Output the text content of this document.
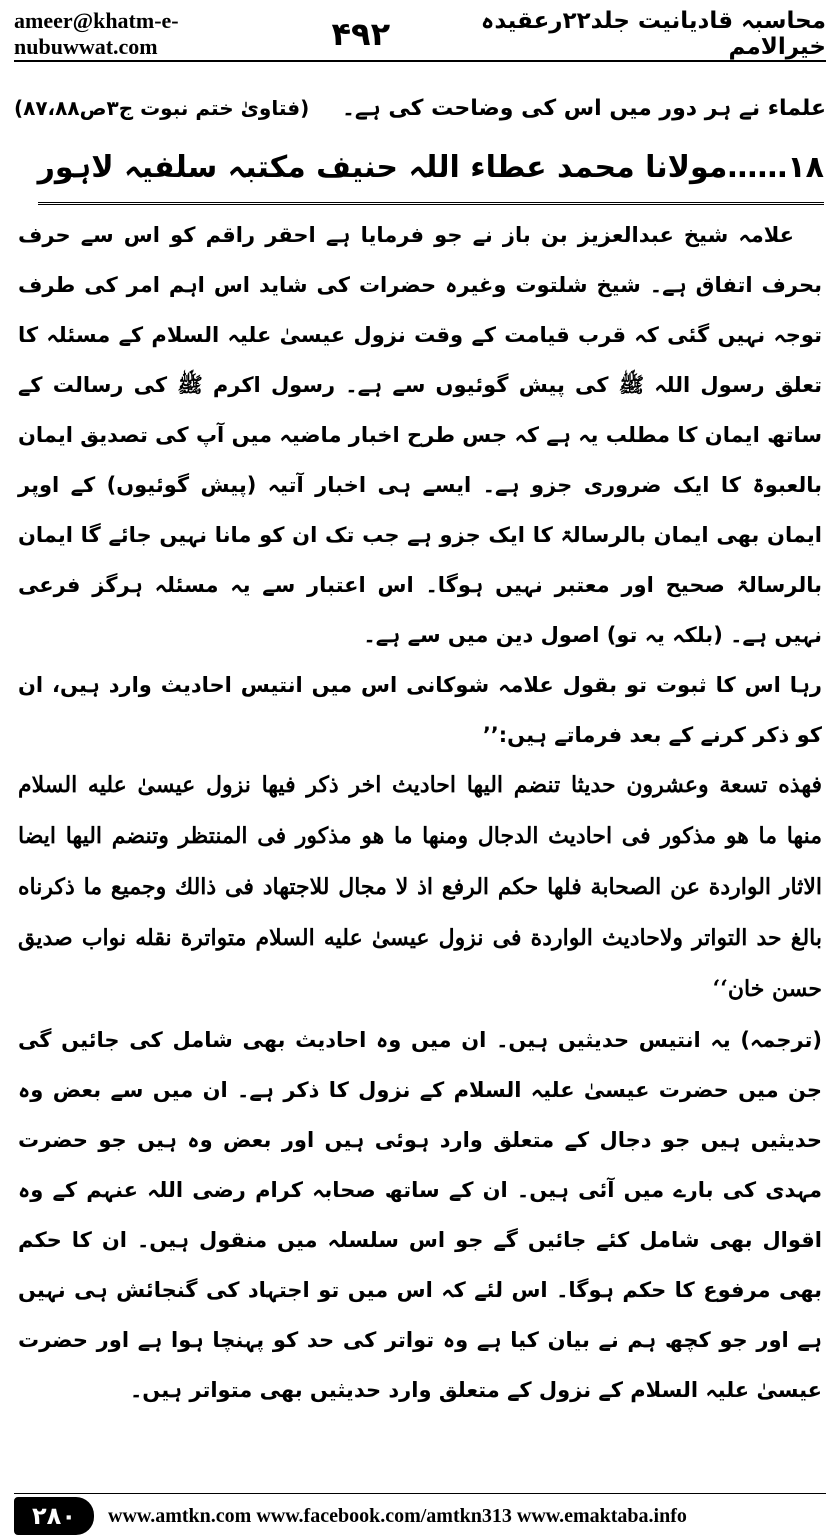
ameer@khatm-e-nubuwwat.com	۴۹۲	محاسبہ قادیانیت جلد۲۲رعقیدہ خیرالامم
علماء نے ہر دور میں اس کی وضاحت کی ہے۔
(فتاویٰ ختم نبوت ج۳ص۸۷،۸۸)
۱۸……مولانا محمد عطاء اللہ حنیف مکتبہ سلفیہ لاہور

علامہ شیخ عبدالعزیز بن باز نے جو فرمایا ہے احقر راقم کو اس سے حرف بحرف اتفاق ہے۔ شیخ شلتوت وغیرہ حضرات کی شاید اس اہم امر کی طرف توجہ نہیں گئی کہ قرب قیامت کے وقت نزول عیسیٰ علیہ السلام کے مسئلہ کا تعلق رسول اللہ ﷺ کی پیش گوئیوں سے ہے۔ رسول اکرم ﷺ کی رسالت کے ساتھ ایمان کا مطلب یہ ہے کہ جس طرح اخبار ماضیہ میں آپ کی تصدیق ایمان بالعبوۃ کا ایک ضروری جزو ہے۔ ایسے ہی اخبار آتیہ (پیش گوئیوں) کے اوپر ایمان بھی ایمان بالرسالۃ کا ایک جزو ہے جب تک ان کو مانا نہیں جائے گا ایمان بالرسالۃ صحیح اور معتبر نہیں ہوگا۔ اس اعتبار سے یہ مسئلہ ہرگز فرعی نہیں ہے۔ (بلکہ یہ تو) اصول دین میں سے ہے۔

رہا اس کا ثبوت تو بقول علامہ شوکانی اس میں انتیس احادیث وارد ہیں، ان کو ذکر کرنے کے بعد فرماتے ہیں:’’

فهذه تسعة وعشرون حديثا تنضم اليها احاديث اخر ذكر فيها نزول عيسىٰ عليه السلام منها ما هو مذكور فى احاديث الدجال ومنها ما هو مذكور فى المنتظر وتنضم اليها ايضا الاثار الواردة عن الصحابة فلها حكم الرفع اذ لا مجال للاجتهاد فى ذالك وجميع ما ذكرناه بالغ حد التواتر ولاحاديث الواردة فى نزول عيسىٰ عليه السلام متواترة نقله نواب صديق حسن خان‘‘

(ترجمہ) یہ انتیس حدیثیں ہیں۔ ان میں وہ احادیث بھی شامل کی جائیں گی جن میں حضرت عیسیٰ علیہ السلام کے نزول کا ذکر ہے۔ ان میں سے بعض وہ حدیثیں ہیں جو دجال کے متعلق وارد ہوئی ہیں اور بعض وہ ہیں جو حضرت مہدی کی بارے میں آئی ہیں۔ ان کے ساتھ صحابہ کرام رضی اللہ عنہم کے وہ اقوال بھی شامل کئے جائیں گے جو اس سلسلہ میں منقول ہیں۔ ان کا حکم بھی مرفوع کا حکم ہوگا۔ اس لئے کہ اس میں تو اجتہاد کی گنجائش ہی نہیں ہے اور جو کچھ ہم نے بیان کیا ہے وہ تواتر کی حد کو پہنچا ہوا ہے اور حضرت عیسیٰ علیہ السلام کے نزول کے متعلق وارد حدیثیں بھی متواتر ہیں۔

۲۸۰	www.amtkn.com www.facebook.com/amtkn313 www.emaktaba.info
